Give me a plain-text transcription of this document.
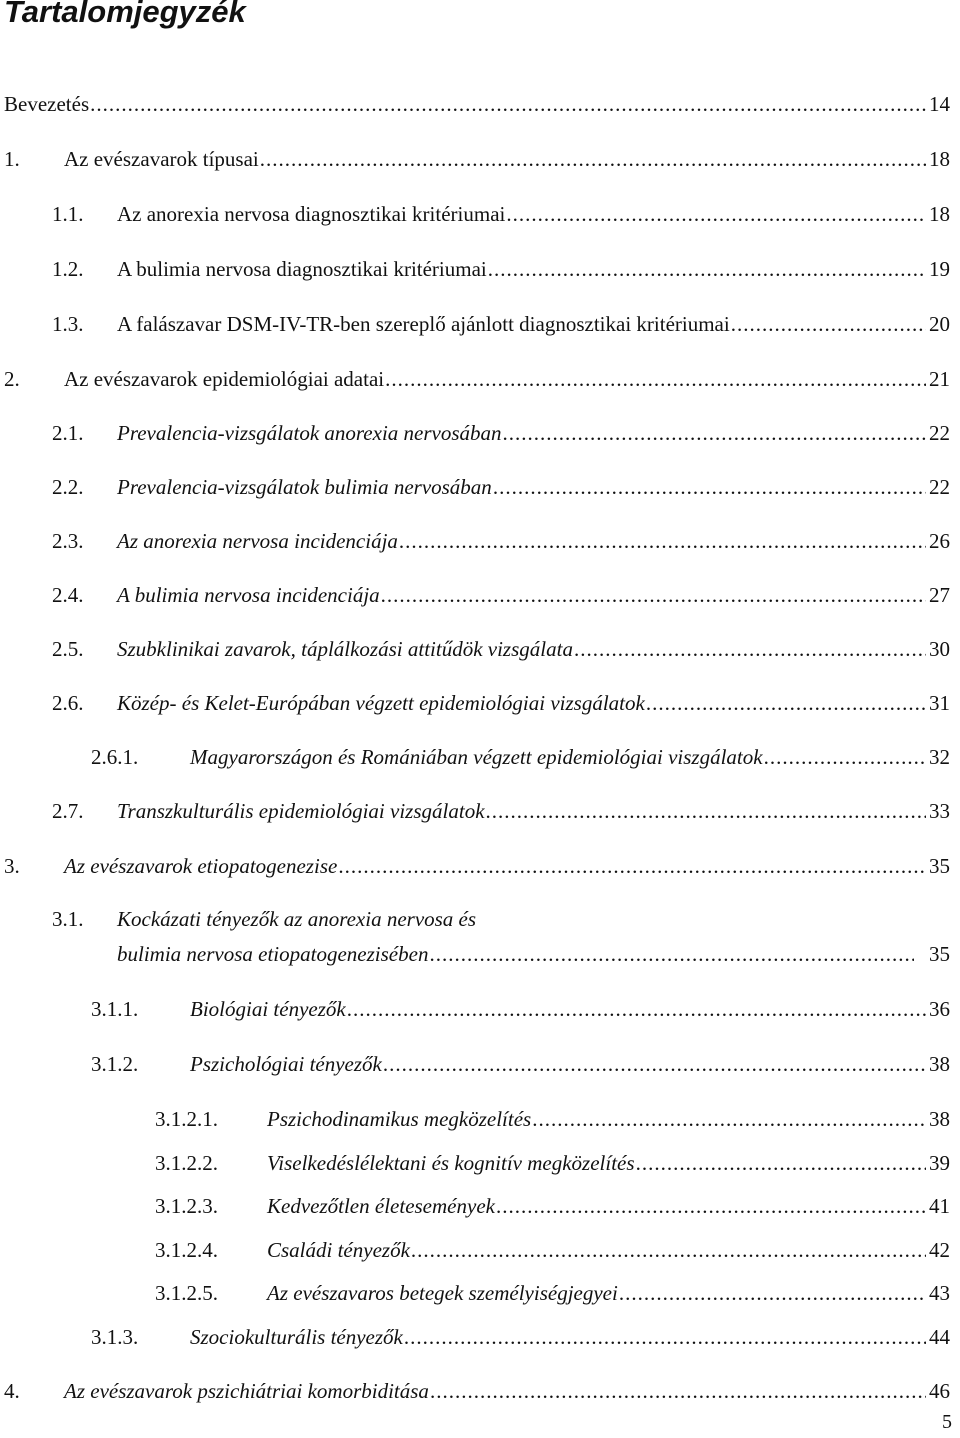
Tartalomjegyzék
Bevezetés .....	14
1.	Az evészavarok típusai .....	18
1.1.	Az anorexia nervosa diagnosztikai kritériumai .....	18
1.2.	A bulimia nervosa diagnosztikai kritériumai .....	19
1.3.	A falászavar DSM-IV-TR-ben szereplő ajánlott diagnosztikai kritériumai .....	20
2.	Az evészavarok epidemiológiai adatai .....	21
2.1.	Prevalencia-vizsgálatok anorexia nervosában .....	22
2.2.	Prevalencia-vizsgálatok bulimia nervosában .....	22
2.3.	Az anorexia nervosa incidenciája .....	26
2.4.	A bulimia nervosa incidenciája .....	27
2.5.	Szubklinikai zavarok, táplálkozási attitűdök vizsgálata .....	30
2.6.	Közép- és Kelet-Európában végzett epidemiológiai vizsgálatok .....	31
2.6.1.	Magyarországon és Romániában végzett epidemiológiai viszgálatok .....	32
2.7.	Transzkulturális epidemiológiai vizsgálatok .....	33
3.	Az evészavarok etiopatogenezise .....	35
3.1. Kockázati tényezők az anorexia nervosa és
bulimia nervosa etiopatogenezisében .....	35
3.1.1.	Biológiai tényezők .....	36
3.1.2.	Pszichológiai tényezők .....	38
3.1.2.1.	Pszichodinamikus megközelítés .....	38
3.1.2.2.	Viselkedéslélektani és kognitív megközelítés .....	39
3.1.2.3.	Kedvezőtlen életesemények .....	41
3.1.2.4.	Családi tényezők .....	42
3.1.2.5.	Az evészavaros betegek személyiségjegyei .....	43
3.1.3.	Szociokulturális tényezők .....	44
4.	Az evészavarok pszichiátriai komorbiditása .....	46
5
